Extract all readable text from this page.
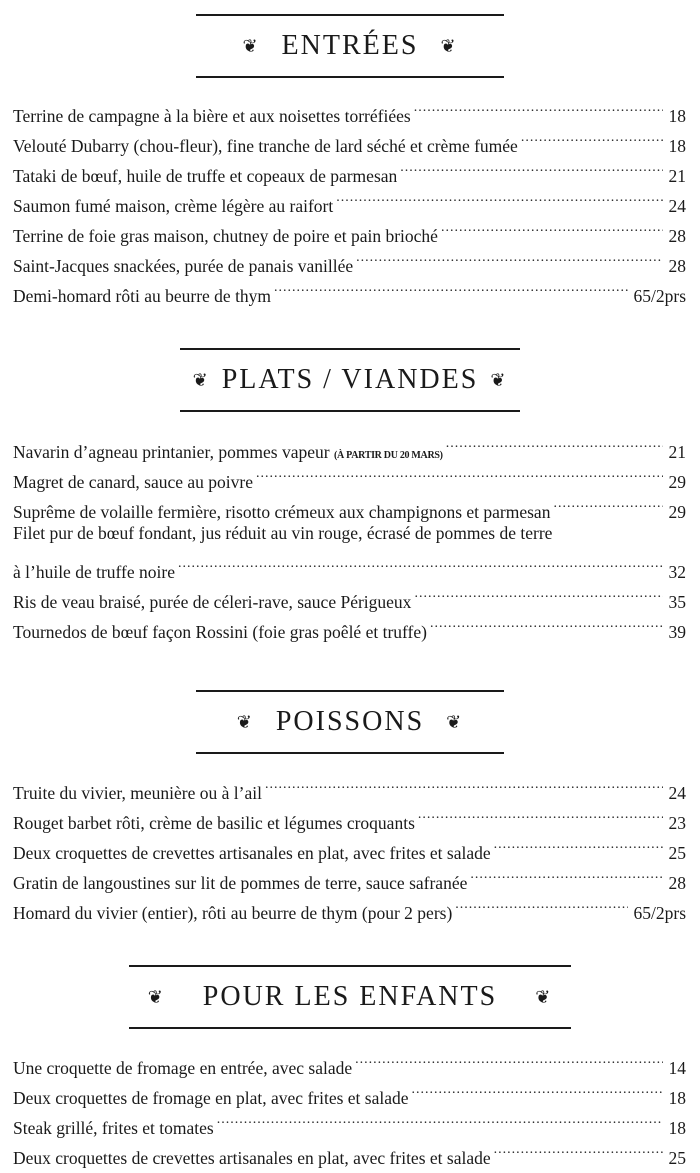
❦ ENTRÉES ❦
Terrine de campagne à la bière et aux noisettes torréfiées .....	18
Velouté Dubarry (chou-fleur), fine tranche de lard séché et crème fumée .....	18
Tataki de bœuf, huile de truffe et copeaux de parmesan .....	21
Saumon fumé maison, crème légère au raifort .....	24
Terrine de foie gras maison, chutney de poire et pain brioché .....	28
Saint-Jacques snackées, purée de panais vanillée .....	28
Demi-homard rôti au beurre de thym .....	65/2prs
❦ PLATS / VIANDES ❦
Navarin d’agneau printanier, pommes vapeur (À PARTIR DU 20 MARS) .....	21
Magret de canard, sauce au poivre .....	29
Suprême de volaille fermière, risotto crémeux aux champignons et parmesan .....	29
Filet pur de bœuf fondant, jus réduit au vin rouge, écrasé de pommes de terre
à l’huile de truffe noire .....	32
Ris de veau braisé, purée de céleri-rave, sauce Périgueux .....	35
Tournedos de bœuf façon Rossini (foie gras poêlé et truffe) .....	39
❦ POISSONS ❦
Truite du vivier, meunière ou à l’ail .....	24
Rouget barbet rôti, crème de basilic et légumes croquants .....	23
Deux croquettes de crevettes artisanales en plat, avec frites et salade .....	25
Gratin de langoustines sur lit de pommes de terre, sauce safranée .....	28
Homard du vivier (entier), rôti au beurre de thym (pour 2 pers) .....	65/2prs
❦ POUR LES ENFANTS ❦
Une croquette de fromage en entrée, avec salade .....	14
Deux croquettes de fromage en plat, avec frites et salade .....	18
Steak grillé, frites et tomates .....	18
Deux croquettes de crevettes artisanales en plat, avec frites et salade .....	25
